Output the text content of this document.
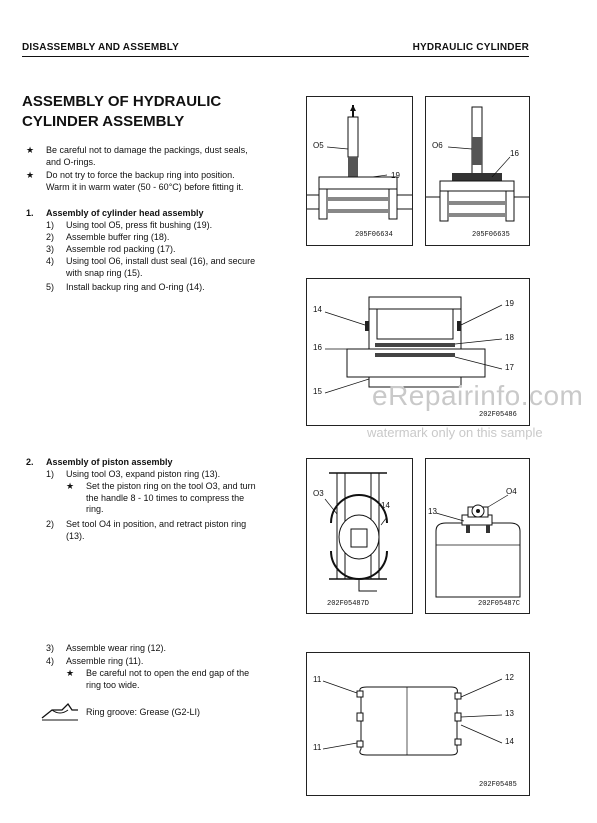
DISASSEMBLY AND ASSEMBLY	HYDRAULIC CYLINDER
ASSEMBLY OF HYDRAULIC
CYLINDER ASSEMBLY
★ Be careful not to damage the packings, dust seals,
and O-rings.
★ Do not try to force the backup ring into position.
Warm it in warm water (50 - 60°C) before fitting it.
1. Assembly of cylinder head assembly
1) Using tool O5, press fit bushing (19).
2) Assemble buffer ring (18).
3) Assemble rod packing (17).
4) Using tool O6, install dust seal (16), and secure
with snap ring (15).
5) Install backup ring and O-ring (14).
2. Assembly of piston assembly
1) Using tool O3, expand piston ring (13).
★ Set the piston ring on the tool O3, and turn
the handle 8 - 10 times to compress the
ring.
2) Set tool O4 in position, and retract piston ring
(13).
3) Assemble wear ring (12).
4) Assemble ring (11).
★ Be careful not to open the end gap of the
ring too wide.
Ring groove: Grease (G2-LI)
O5
19
205F06634
O6
16
205F06635
14
16
15
19
18
17
202F05486
O3
14
202F05487D
13
O4
202F05487C
11
11
12
13
14
202F05485
eRepairinfo.com
watermark only on this sample
